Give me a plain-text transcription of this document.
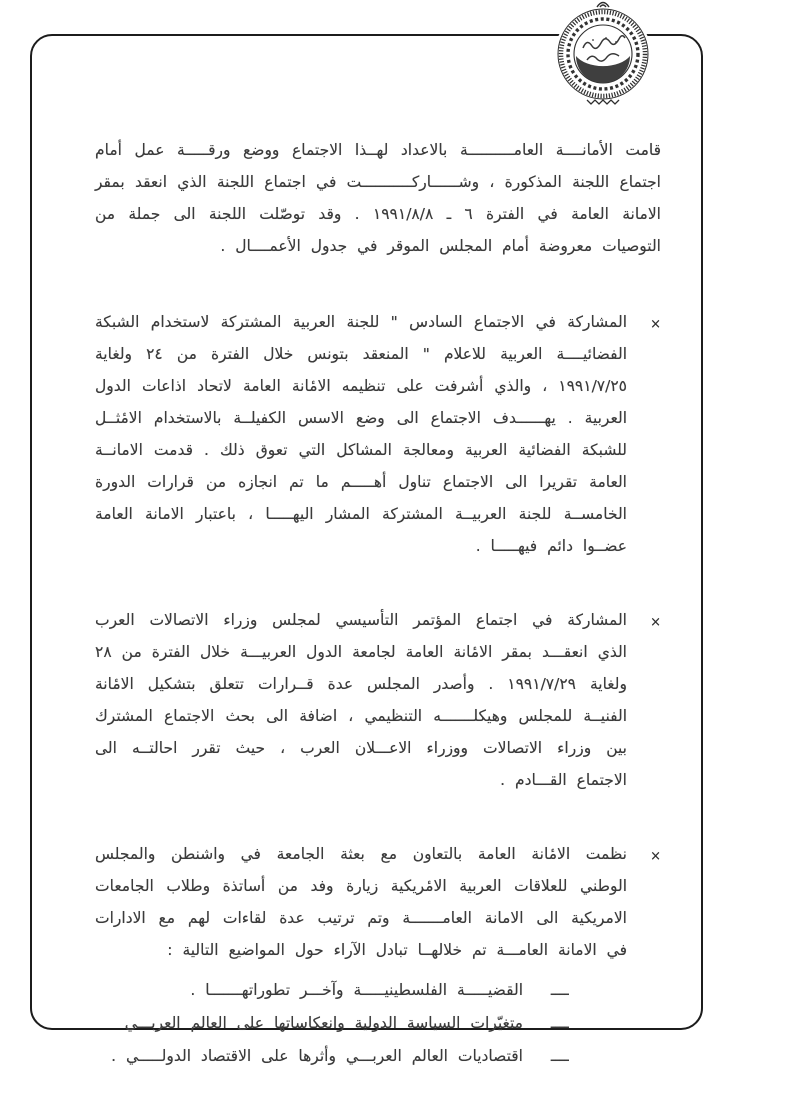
قامت الأمانــــة العامــــــــــة بالاعداد لهــذا الاجتماع ووضع ورقـــــة عمل أمام اجتماع اللجنة المذكورة ، وشــــــاركـــــــــــت في اجتماع اللجنة الذي انعقد بمقر الامانة العامة في الفترة ٦ ـ ١٩٩١/٨/٨ . وقد توصّلت اللجنة الى جملة من التوصيات معروضة أمام المجلس الموقر في جدول الأعمــــال .

×

المشاركة في الاجتماع السادس " للجنة العربية المشتركة لاستخدام الشبكة الفضائيــــة العربية للاعلام " المنعقد بتونس خلال الفترة من ٢٤ ولغاية ١٩٩١/٧/٢٥ ، والذي أشرفت على تنظيمه الامٔانة العامة لاتحاد اذاعات الدول العربية . يهــــــدف الاجتماع الى وضع الاسس الكفيلــة بالاستخدام الامٔثــل للشبكة الفضائية العربية ومعالجة المشاكل التي تعوق ذلك . قدمت الامانــة العامة تقريرا الى الاجتماع تناول أهـــــم ما تم انجازه من قرارات الدورة الخامســة للجنة العربيــة المشتركة المشار اليهـــــا ، باعتبار الامانة العامة عضــوا دائم فيهـــــا .

×

المشاركة في اجتماع المؤتمر التأسيسي لمجلس وزراء الاتصالات العرب الذي انعقـــد بمقر الامٔانة العامة لجامعة الدول العربيـــة خلال الفترة من ٢٨ ولغاية ١٩٩١/٧/٢٩ . وأصدر المجلس عدة قــرارات تتعلق بتشكيل الامٔانة الفنيــة للمجلس وهيكلـــــــه التنظيمي ، اضافة الى بحث الاجتماع المشترك بين وزراء الاتصالات ووزراء الاعـــلان العرب ، حيث تقرر احالتــه الى الاجتماع القـــادم .

×

نظمت الامٔانة العامة بالتعاون مع بعثة الجامعة في واشنطن والمجلس الوطني للعلاقات العربية الامٔريكية زيارة وفد من أساتذة وطلاب الجامعات الامريكية الى الامانة العامـــــــة وتم ترتيب عدة لقاءات لهم مع الادارات في الامانة العامـــة تم خلالهــا تبادل الآراء حول المواضيع التالية :

ــــ
القضيـــــة الفلسطينيـــــة وآخـــر تطوراتهـــــــا .
ــــ
متغيّرات السياسة الدولية وانعكاساتها على العالم العربـــي
ــــ
اقتصاديات العالم العربـــي وأثرها على الاقتصاد الدولـــــي .
